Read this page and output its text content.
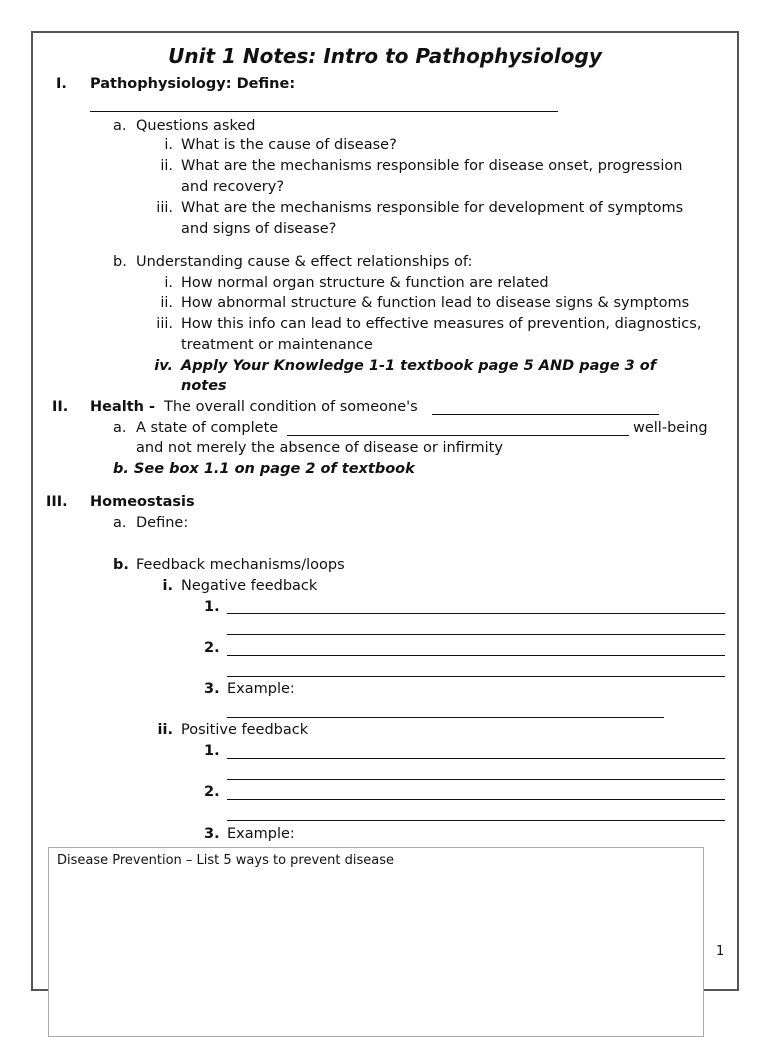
Unit 1 Notes: Intro to Pathophysiology
I. Pathophysiology: Define:
a. Questions asked
i. What is the cause of disease?
ii. What are the mechanisms responsible for disease onset, progression
and recovery?
iii. What are the mechanisms responsible for development of symptoms
and signs of disease?
b. Understanding cause & effect relationships of:
i. How normal organ structure & function are related
ii. How abnormal structure & function lead to disease signs & symptoms
iii. How this info can lead to effective measures of prevention, diagnostics,
treatment or maintenance
iv. Apply Your Knowledge 1-1 textbook page 5 AND page 3 of
notes
II. Health - The overall condition of someone's
a. A state of complete	well-being
and not merely the absence of disease or infirmity
b. See box 1.1 on page 2 of textbook
III. Homeostasis
a. Define:
b. Feedback mechanisms/loops
i. Negative feedback
1.
2.
3. Example:
ii. Positive feedback
1.
2.
3. Example:
1
Disease Prevention – List 5 ways to prevent disease
